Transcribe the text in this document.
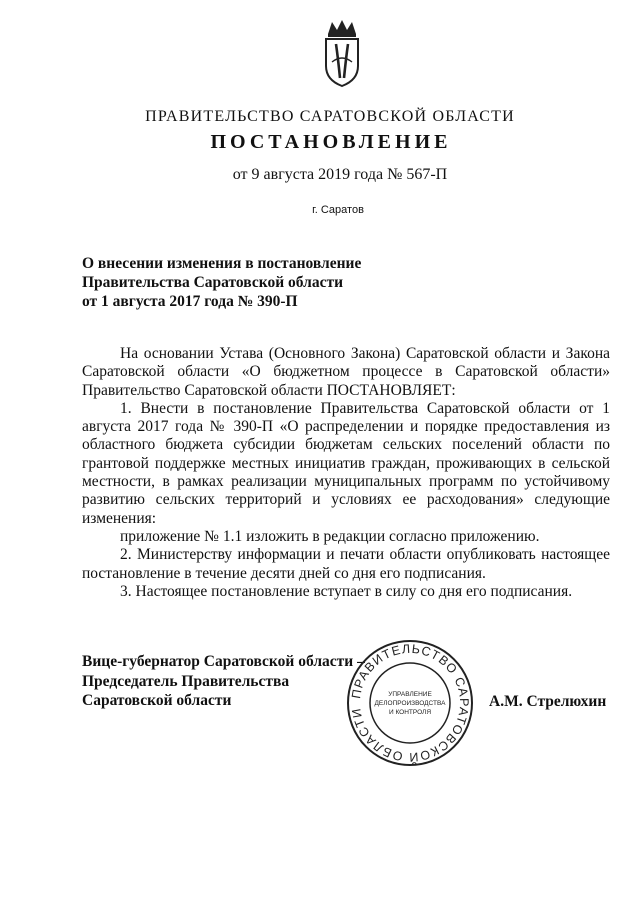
ПРАВИТЕЛЬСТВО САРАТОВСКОЙ ОБЛАСТИ
ПОСТАНОВЛЕНИЕ
от 9 августа 2019 года № 567-П
г. Саратов
О внесении изменения в постановление
Правительства Саратовской области
от 1 августа 2017 года № 390-П

На основании Устава (Основного Закона) Саратовской области и Закона Саратовской области «О бюджетном процессе в Саратовской области» Правительство Саратовской области ПОСТАНОВЛЯЕТ:

1. Внести в постановление Правительства Саратовской области от 1 августа 2017 года № 390-П «О распределении и порядке предоставления из областного бюджета субсидии бюджетам сельских поселений области по грантовой поддержке местных инициатив граждан, проживающих в сельской местности, в рамках реализации муниципальных программ по устойчивому развитию сельских территорий и условиях ее расходования» следующие изменения:

приложение № 1.1 изложить в редакции согласно приложению.

2. Министерству информации и печати области опубликовать настоящее постановление в течение десяти дней со дня его подписания.

3. Настоящее постановление вступает в силу со дня его подписания.

Вице-губернатор Саратовской области –
Председатель Правительства
Саратовской области	ПРАВИТЕЛЬСТВО САРАТОВСКОЙ ОБЛАСТИ
УПРАВЛЕНИЕ
ДЕЛОПРОИЗВОДСТВА
И КОНТРОЛЯ
А.М. Стрелюхин
